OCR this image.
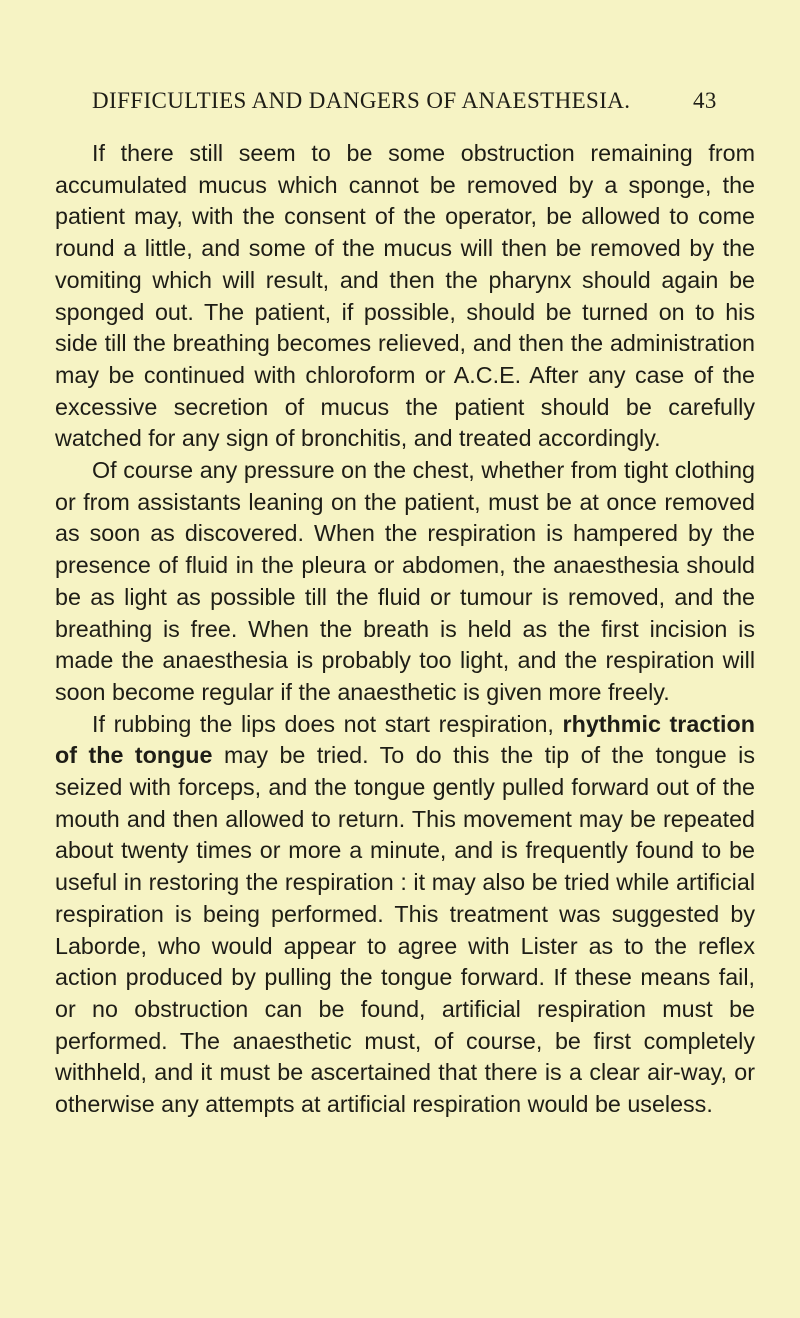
DIFFICULTIES AND DANGERS OF ANAESTHESIA.	43

If there still seem to be some obstruction remaining from accumulated mucus which cannot be removed by a sponge, the patient may, with the consent of the operator, be allowed to come round a little, and some of the mucus will then be removed by the vomiting which will result, and then the pharynx should again be sponged out. The patient, if possible, should be turned on to his side till the breathing becomes relieved, and then the administration may be continued with chloroform or A.C.E. After any case of the excessive secretion of mucus the patient should be carefully watched for any sign of bronchitis, and treated accordingly.

Of course any pressure on the chest, whether from tight clothing or from assistants leaning on the patient, must be at once removed as soon as discovered. When the respiration is hampered by the presence of fluid in the pleura or abdomen, the anaesthesia should be as light as possible till the fluid or tumour is removed, and the breathing is free. When the breath is held as the first incision is made the anaesthesia is probably too light, and the respiration will soon become regular if the anaesthetic is given more freely.

If rubbing the lips does not start respiration, rhythmic traction of the tongue may be tried. To do this the tip of the tongue is seized with forceps, and the tongue gently pulled forward out of the mouth and then allowed to return. This movement may be repeated about twenty times or more a minute, and is frequently found to be useful in restoring the respiration : it may also be tried while artificial respiration is being performed. This treatment was suggested by Laborde, who would appear to agree with Lister as to the reflex action produced by pulling the tongue forward. If these means fail, or no obstruction can be found, artificial respiration must be performed. The anaesthetic must, of course, be first completely withheld, and it must be ascertained that there is a clear air-way, or otherwise any attempts at artificial respiration would be useless.
